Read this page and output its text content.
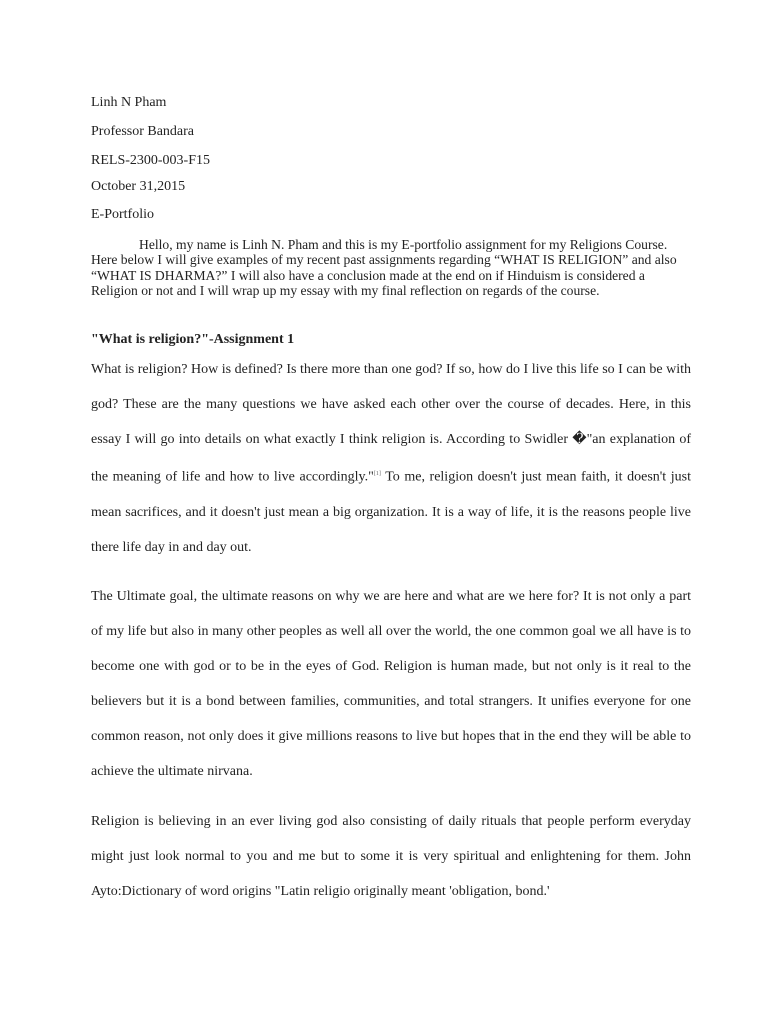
Linh N Pham
Professor Bandara
RELS-2300-003-F15
October 31,2015
E-Portfolio

Hello, my name is Linh N. Pham and this is my E-portfolio assignment for my Religions Course. Here below I will give examples of my recent past assignments regarding “WHAT IS RELIGION” and also “WHAT IS DHARMA?” I will also have a conclusion made at the end on if Hinduism is considered a Religion or not and I will wrap up my essay with my final reflection on regards of the course.

"What is religion?"-Assignment 1

What is religion? How is defined? Is there more than one god? If so, how do I live this life so I can be with god? These are the many questions we have asked each other over the course of decades. Here, in this essay I will go into details on what exactly I think religion is. According to Swidler �"an explanation of the meaning of life and how to live accordingly."[1] To me, religion doesn't just mean faith, it doesn't just mean sacrifices, and it doesn't just mean a big organization. It is a way of life, it is the reasons people live there life day in and day out.

The Ultimate goal, the ultimate reasons on why we are here and what are we here for? It is not only a part of my life but also in many other peoples as well all over the world, the one common goal we all have is to become one with god or to be in the eyes of God. Religion is human made, but not only is it real to the believers but it is a bond between families, communities, and total strangers. It unifies everyone for one common reason, not only does it give millions reasons to live but hopes that in the end they will be able to achieve the ultimate nirvana.

Religion is believing in an ever living god also consisting of daily rituals that people perform everyday might just look normal to you and me but to some it is very spiritual and enlightening for them. John Ayto:Dictionary of word origins "Latin religio originally meant 'obligation, bond.'
